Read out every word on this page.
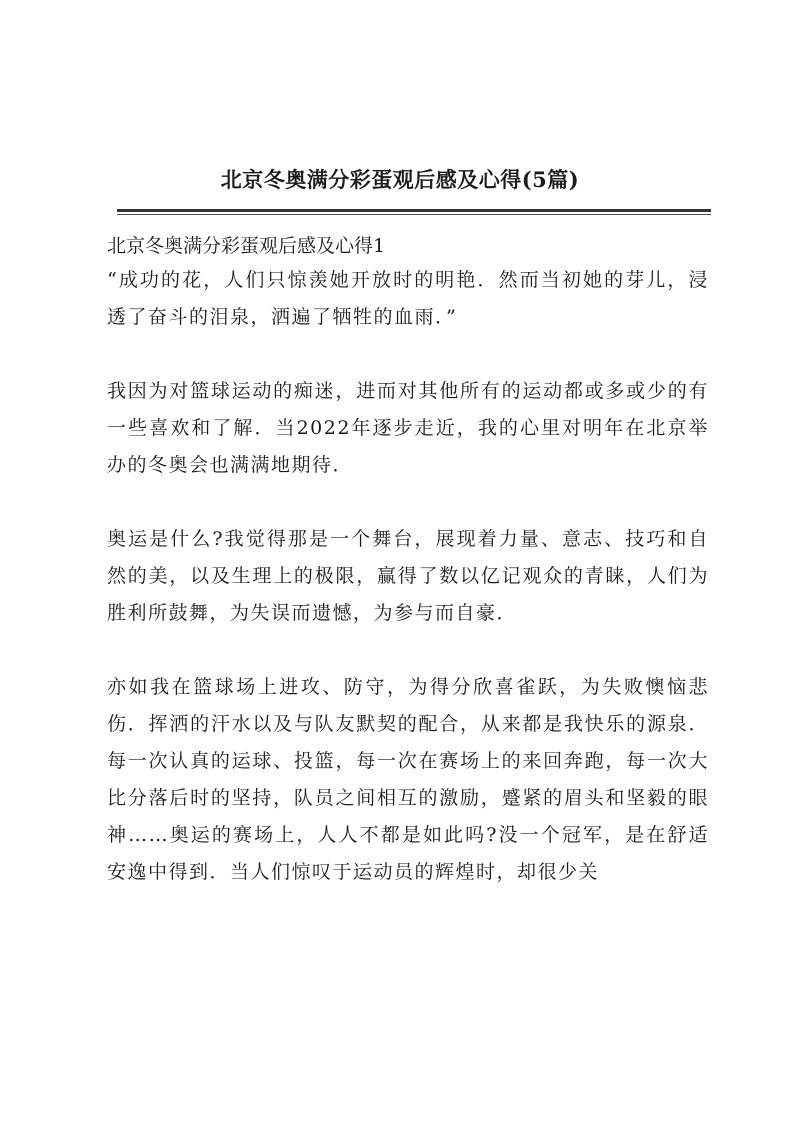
北京冬奥满分彩蛋观后感及心得(5篇)
北京冬奥满分彩蛋观后感及心得1

“成功的花，人们只惊羡她开放时的明艳．然而当初她的芽儿，浸透了奋斗的泪泉，洒遍了牺牲的血雨．”

我因为对篮球运动的痴迷，进而对其他所有的运动都或多或少的有一些喜欢和了解．当2022年逐步走近，我的心里对明年在北京举办的冬奥会也满满地期待．

奥运是什么?我觉得那是一个舞台，展现着力量、意志、技巧和自然的美，以及生理上的极限，赢得了数以亿记观众的青睐，人们为胜利所鼓舞，为失误而遗憾，为参与而自豪．

亦如我在篮球场上进攻、防守，为得分欣喜雀跃，为失败懊恼悲伤．挥洒的汗水以及与队友默契的配合，从来都是我快乐的源泉．每一次认真的运球、投篮，每一次在赛场上的来回奔跑，每一次大比分落后时的坚持，队员之间相互的激励，蹙紧的眉头和坚毅的眼神……奥运的赛场上，人人不都是如此吗?没一个冠军，是在舒适安逸中得到．当人们惊叹于运动员的辉煌时，却很少关
